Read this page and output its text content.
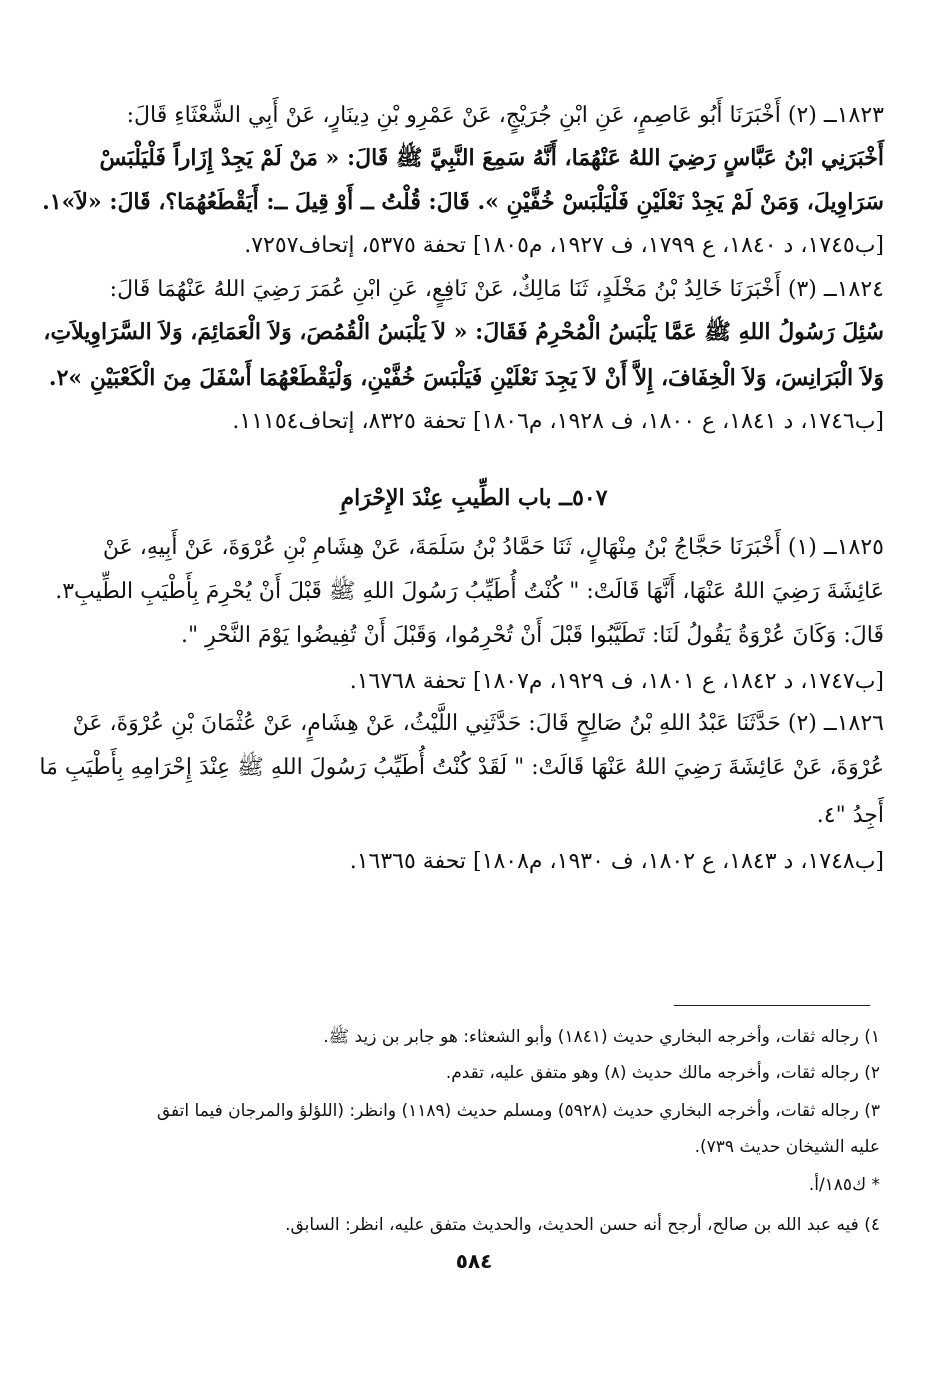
١٨٢٣ــ (٢) أَخْبَرَنَا أَبُو عَاصِمٍ، عَنِ ابْنِ جُرَيْجٍ، عَنْ عَمْرِو بْنِ دِينَارٍ، عَنْ أَبِي الشَّعْثَاءِ قَالَ:
أَخْبَرَنِي ابْنُ عَبَّاسٍ رَضِيَ اللهُ عَنْهُمَا، أَنَّهُ سَمِعَ النَّبِيَّ ﷺ قَالَ: « مَنْ لَمْ يَجِدْ إِزَاراً فَلْيَلْبَسْ
سَرَاوِيلَ، وَمَنْ لَمْ يَجِدْ نَعْلَيْنِ فَلْيَلْبَسْ خُفَّيْنِ ». قَالَ: قُلْتُ ــ أَوْ قِيلَ ــ: أَيَقْطَعُهُمَا؟، قَالَ: «لاَ»١.
[ب١٧٤٥، د ١٨٤٠، ع ١٧٩٩، ف ١٩٢٧، م١٨٠٥] تحفة ٥٣٧٥، إتحاف٧٢٥٧.
١٨٢٤ــ (٣) أَخْبَرَنَا خَالِدُ بْنُ مَخْلَدٍ، ثَنَا مَالِكٌ، عَنْ نَافِعٍ، عَنِ ابْنِ عُمَرَ رَضِيَ اللهُ عَنْهُمَا قَالَ:
سُئِلَ رَسُولُ اللهِ ﷺ عَمَّا يَلْبَسُ الْمُحْرِمُ فَقَالَ: « لاَ يَلْبَسُ الْقُمُصَ، وَلاَ الْعَمَائِمَ، وَلاَ السَّرَاوِيلاَتِ،
وَلاَ الْبَرَانِسَ، وَلاَ الْخِفَافَ، إِلاَّ أَنْ لاَ يَجِدَ نَعْلَيْنِ فَيَلْبَسَ خُفَّيْنِ، وَلْيَقْطَعْهُمَا أَسْفَلَ مِنَ الْكَعْبَيْنِ »٢.
[ب١٧٤٦، د ١٨٤١، ع ١٨٠٠، ف ١٩٢٨، م١٨٠٦] تحفة ٨٣٢٥، إتحاف١١١٥٤.
٥٠٧ــ باب الطِّيبِ عِنْدَ الإِحْرَامِ
١٨٢٥ــ (١) أَخْبَرَنَا حَجَّاجُ بْنُ مِنْهَالٍ، ثَنَا حَمَّادُ بْنُ سَلَمَةَ، عَنْ هِشَامِ بْنِ عُرْوَةَ، عَنْ أَبِيهِ، عَنْ
عَائِشَةَ رَضِيَ اللهُ عَنْهَا، أَنَّهَا قَالَتْ: " كُنْتُ أُطَيِّبُ رَسُولَ اللهِ ﷺ قَبْلَ أَنْ يُحْرِمَ بِأَطْيَبِ الطِّيبِ٣.
قَالَ: وَكَانَ عُرْوَةُ يَقُولُ لَنَا: تَطَيَّبُوا قَبْلَ أَنْ تُحْرِمُوا، وَقَبْلَ أَنْ تُفِيضُوا يَوْمَ النَّحْرِ ".
[ب١٧٤٧، د ١٨٤٢، ع ١٨٠١، ف ١٩٢٩، م١٨٠٧] تحفة ١٦٧٦٨.
١٨٢٦ــ (٢) حَدَّثَنَا عَبْدُ اللهِ بْنُ صَالِحٍ قَالَ: حَدَّثَنِي اللَّيْثُ، عَنْ هِشَامٍ، عَنْ عُثْمَانَ بْنِ عُرْوَةَ، عَنْ
عُرْوَةَ، عَنْ عَائِشَةَ رَضِيَ اللهُ عَنْهَا قَالَتْ: " لَقَدْ كُنْتُ أُطَيِّبُ رَسُولَ اللهِ ﷺ عِنْدَ إِحْرَامِهِ بِأَطْيَبِ مَا
أَجِدُ "٤.
[ب١٧٤٨، د ١٨٤٣، ع ١٨٠٢، ف ١٩٣٠، م١٨٠٨] تحفة ١٦٣٦٥.
١) رجاله ثقات، وأخرجه البخاري حديث (١٨٤١) وأبو الشعثاء: هو جابر بن زيد ﷺ.
٢) رجاله ثقات، وأخرجه مالك حديث (٨) وهو متفق عليه، تقدم.
٣) رجاله ثقات، وأخرجه البخاري حديث (٥٩٢٨) ومسلم حديث (١١٨٩) وانظر: (اللؤلؤ والمرجان فيما اتفق
عليه الشيخان حديث ٧٣٩).
* ك١٨٥/أ.
٤) فيه عبد الله بن صالح، أرجح أنه حسن الحديث، والحديث متفق عليه، انظر: السابق.
٥٨٤
